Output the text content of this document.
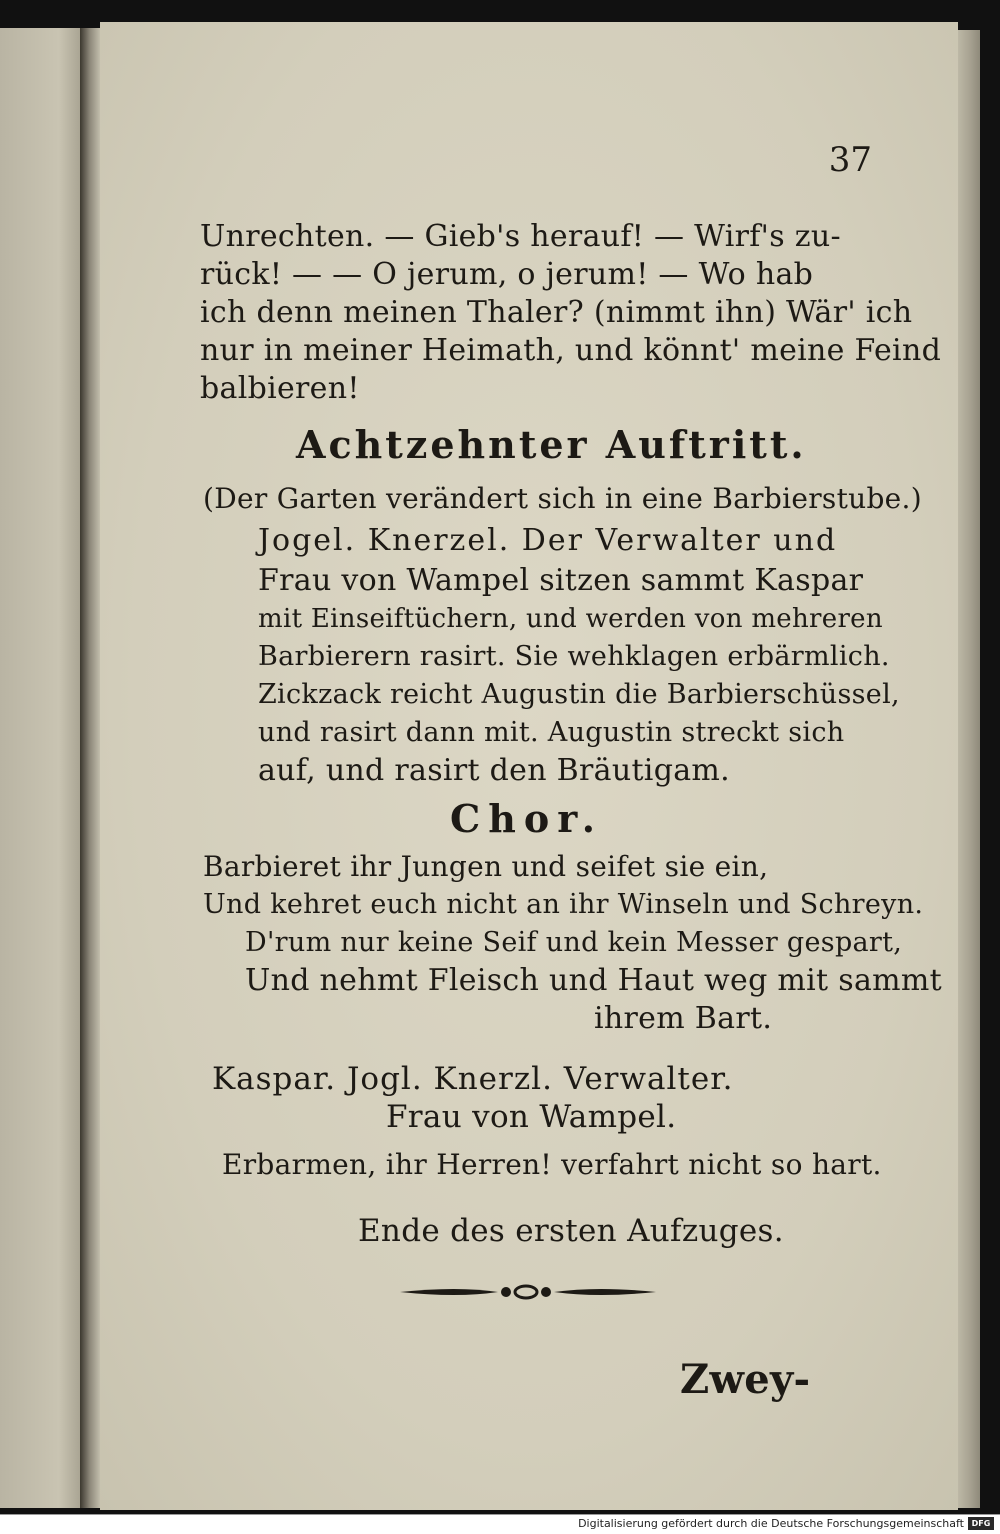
37

Unrechten. — Gieb's herauf! — Wirf's zu-

rück! — — O jerum, o jerum! — Wo hab

ich denn meinen Thaler? (nimmt ihn) Wär' ich

nur in meiner Heimath, und könnt' meine Feind

balbieren!

Achtzehnter Auftritt.

(Der Garten verändert sich in eine Barbierstube.)

Jogel. Knerzel. Der Verwalter und

Frau von Wampel sitzen sammt Kaspar

mit Einseiftüchern, und werden von mehreren

Barbierern rasirt. Sie wehklagen erbärmlich.

Zickzack reicht Augustin die Barbierschüssel,

und rasirt dann mit. Augustin streckt sich

auf, und rasirt den Bräutigam.

Chor.

Barbieret ihr Jungen und seifet sie ein,

Und kehret euch nicht an ihr Winseln und Schreyn.

D'rum nur keine Seif und kein Messer gespart,

Und nehmt Fleisch und Haut weg mit sammt

ihrem Bart.

Kaspar. Jogl. Knerzl. Verwalter.

Frau von Wampel.

Erbarmen, ihr Herren! verfahrt nicht so hart.

Ende des ersten Aufzuges.

Zwey-

Digitalisierung gefördert durch die Deutsche Forschungsgemeinschaft DFG
